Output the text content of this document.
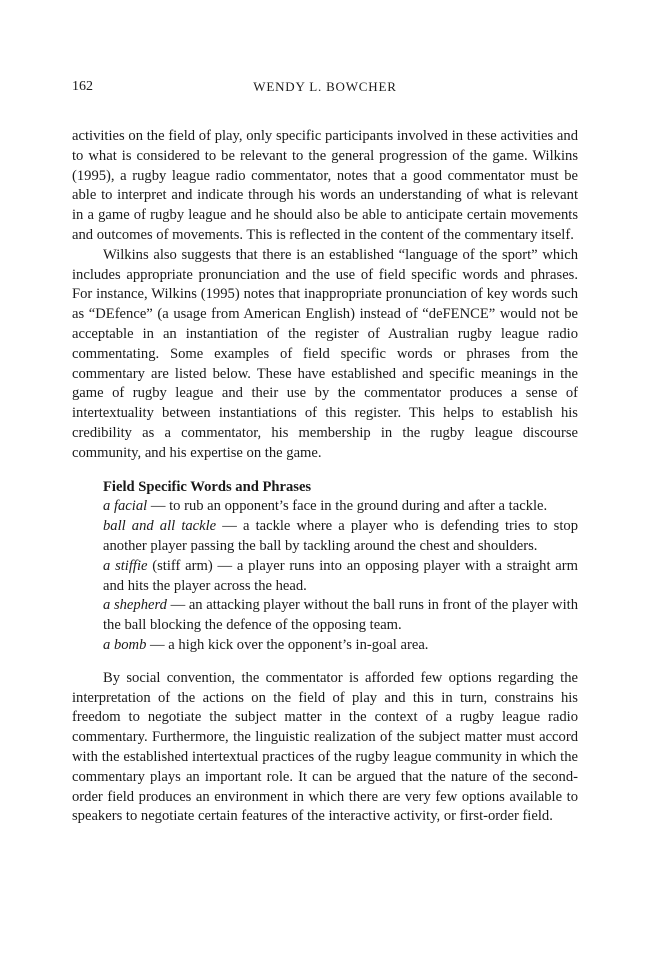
162	WENDY L. BOWCHER

activities on the field of play, only specific participants involved in these activities and to what is considered to be relevant to the general progression of the game. Wilkins (1995), a rugby league radio commentator, notes that a good commentator must be able to interpret and indicate through his words an understanding of what is relevant in a game of rugby league and he should also be able to anticipate certain movements and outcomes of movements. This is reflected in the content of the commentary itself.

Wilkins also suggests that there is an established “language of the sport” which includes appropriate pronunciation and the use of field specific words and phrases. For instance, Wilkins (1995) notes that inappropriate pronunciation of key words such as “DEfence” (a usage from American English) instead of “deFENCE” would not be acceptable in an instantiation of the register of Australian rugby league radio commentating. Some examples of field specific words or phrases from the commentary are listed below. These have established and specific meanings in the game of rugby league and their use by the commentator produces a sense of intertextuality between instantiations of this register. This helps to establish his credibility as a commentator, his membership in the rugby league discourse community, and his expertise on the game.

Field Specific Words and Phrases

a facial — to rub an opponent’s face in the ground during and after a tackle.

ball and all tackle — a tackle where a player who is defending tries to stop another player passing the ball by tackling around the chest and shoulders.

a stiffie (stiff arm) — a player runs into an opposing player with a straight arm and hits the player across the head.

a shepherd — an attacking player without the ball runs in front of the player with the ball blocking the defence of the opposing team.

a bomb — a high kick over the opponent’s in-goal area.

By social convention, the commentator is afforded few options regarding the interpretation of the actions on the field of play and this in turn, constrains his freedom to negotiate the subject matter in the context of a rugby league radio commentary. Furthermore, the linguistic realization of the subject matter must accord with the established intertextual practices of the rugby league community in which the commentary plays an important role. It can be argued that the nature of the second-order field produces an environment in which there are very few options available to speakers to negotiate certain features of the interactive activity, or first-order field.
